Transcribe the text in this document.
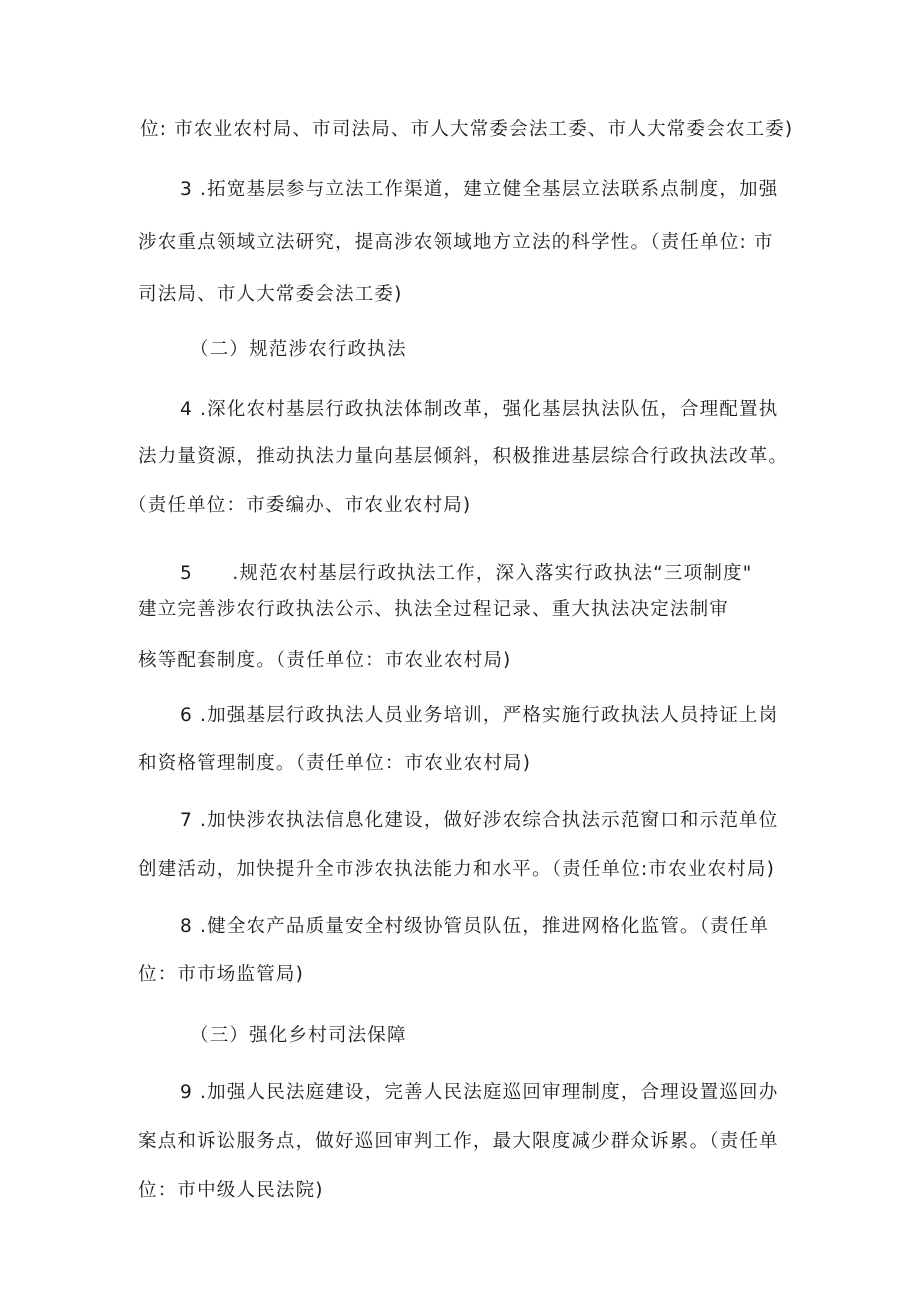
位: 市农业农村局、市司法局、市人大常委会法工委、市人大常委会农工委)
3 .拓宽基层参与立法工作渠道，建立健全基层立法联系点制度，加强
涉农重点领域立法研究，提高涉农领域地方立法的科学性。（责任单位: 市
司法局、市人大常委会法工委)
（二）规范涉农行政执法
4 .深化农村基层行政执法体制改革，强化基层执法队伍，合理配置执
法力量资源，推动执法力量向基层倾斜，积极推进基层综合行政执法改革。
（责任单位：市委编办、市农业农村局)
5　　.规范农村基层行政执法工作，深入落实行政执法“三项制度"
建立完善涉农行政执法公示、执法全过程记录、重大执法决定法制审
核等配套制度。（责任单位：市农业农村局)
6 .加强基层行政执法人员业务培训，严格实施行政执法人员持证上岗
和资格管理制度。（责任单位：市农业农村局)
7 .加快涉农执法信息化建设，做好涉农综合执法示范窗口和示范单位
创建活动，加快提升全市涉农执法能力和水平。（责任单位:市农业农村局)
8 .健全农产品质量安全村级协管员队伍，推进网格化监管。（责任单
位：市市场监管局)
（三）强化乡村司法保障
9 .加强人民法庭建设，完善人民法庭巡回审理制度，合理设置巡回办
案点和诉讼服务点，做好巡回审判工作，最大限度减少群众诉累。（责任单
位：市中级人民法院)
